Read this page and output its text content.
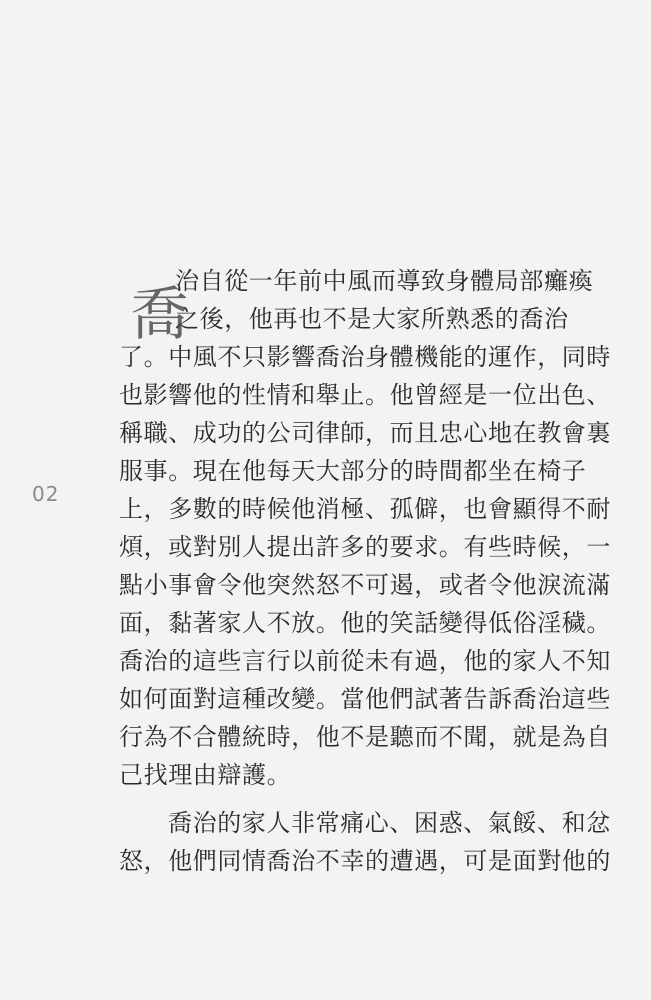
02
喬
治自從一年前中風而導致身體局部癱瘓
之後，他再也不是大家所熟悉的喬治
了。中風不只影響喬治身體機能的運作，同時
也影響他的性情和舉止。他曾經是一位出色、
稱職、成功的公司律師，而且忠心地在教會裏
服事。現在他每天大部分的時間都坐在椅子
上，多數的時候他消極、孤僻，也會顯得不耐
煩，或對別人提出許多的要求。有些時候，一
點小事會令他突然怒不可遏，或者令他淚流滿
面，黏著家人不放。他的笑話變得低俗淫穢。
喬治的這些言行以前從未有過，他的家人不知
如何面對這種改變。當他們試著告訴喬治這些
行為不合體統時，他不是聽而不聞，就是為自
己找理由辯護。
喬治的家人非常痛心、困惑、氣餒、和忿
怒，他們同情喬治不幸的遭遇，可是面對他的
